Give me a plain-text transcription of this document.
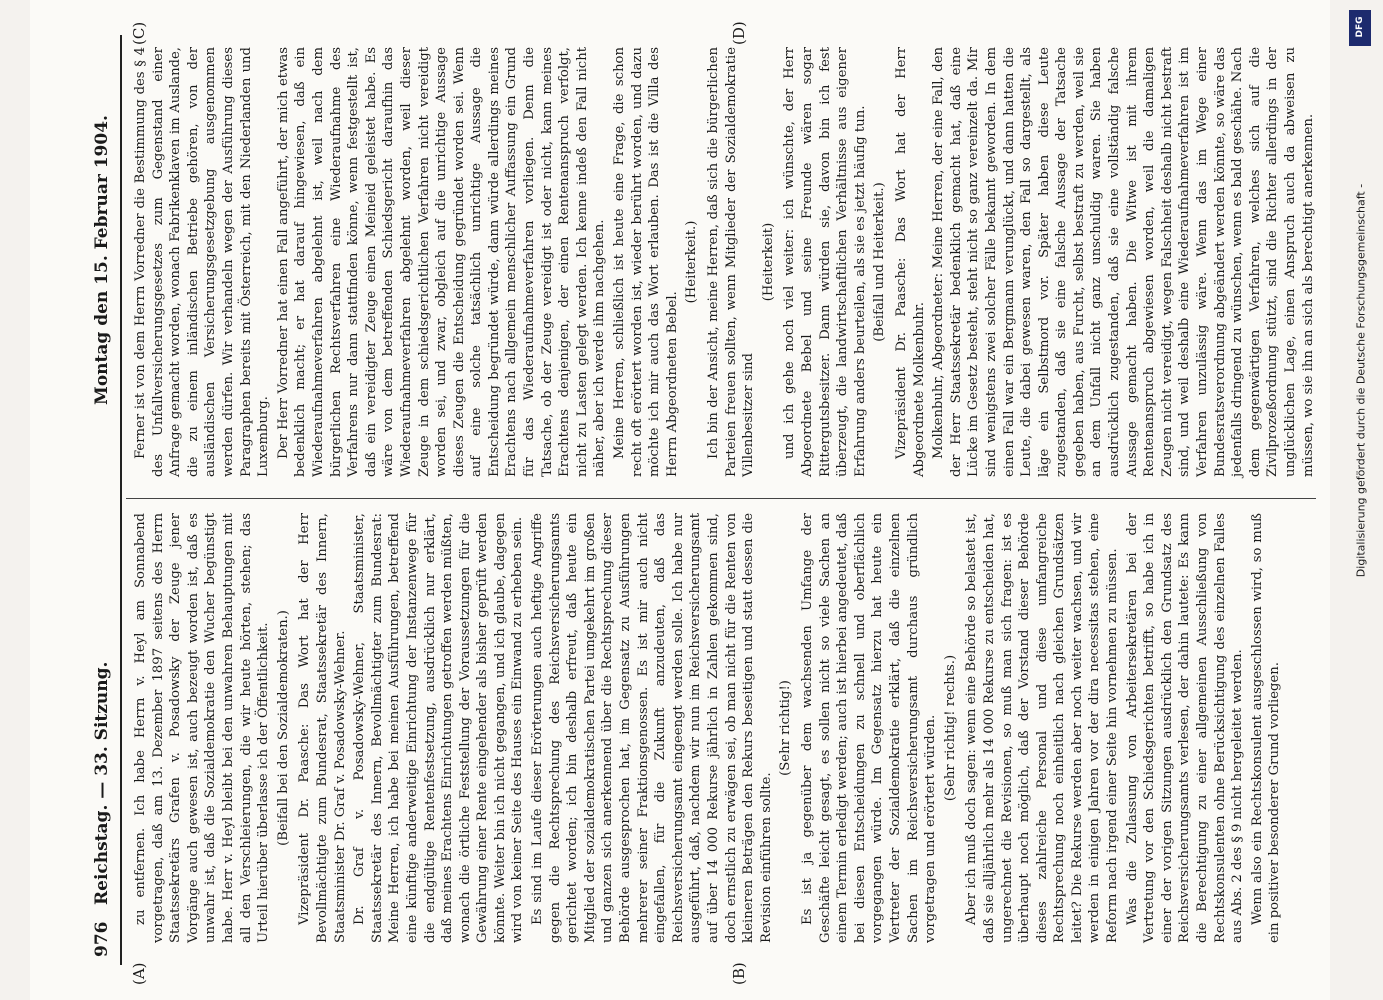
976
Reichstag. — 33. Sitzung.
Montag den 15. Februar 1904.
(A)	(B)
(C)	(D)

zu entfernen. Ich habe Herrn v. Heyl am Sonnabend vorgetragen, daß am 13. Dezember 1897 seitens des Herrn Staatssekretärs Grafen v. Posadowsky der Zeuge jener Vorgänge auch gewesen ist, auch bezeugt worden ist, daß es unwahr ist, daß die Sozialdemokratie den Wucher begünstigt habe. Herr v. Heyl bleibt bei den unwahren Behauptungen mit all den Verschleierungen, die wir heute hörten, stehen; das Urteil hierüber überlasse ich der Öffentlichkeit. (Beifall bei den Sozialdemokraten.) Vizepräsident Dr. Paasche: Das Wort hat der Herr Bevollmächtigte zum Bundesrat, Staatssekretär des Innern, Staatsminister Dr. Graf v. Posadowsky-Wehner. Dr. Graf v. Posadowsky-Wehner, Staatsminister, Staatssekretär des Innern, Bevollmächtigter zum Bundesrat: Meine Herren, ich habe bei meinen Ausführungen, betreffend eine künftige anderweitige Einrichtung der Instanzenwege für die endgültige Rentenfestsetzung, ausdrücklich nur erklärt, daß meines Erachtens Einrichtungen getroffen werden müßten, wonach die örtliche Feststellung der Voraussetzungen für die Gewährung einer Rente eingehender als bisher geprüft werden könnte. Weiter bin ich nicht gegangen, und ich glaube, dagegen wird von keiner Seite des Hauses ein Einwand zu erheben sein. Es sind im Laufe dieser Erörterungen auch heftige Angriffe gegen die Rechtsprechung des Reichsversicherungsamts gerichtet worden; ich bin deshalb erfreut, daß heute ein Mitglied der sozialdemokratischen Partei umgekehrt im großen und ganzen sich anerkennend über die Rechtsprechung dieser Behörde ausgesprochen hat, im Gegensatz zu Ausführungen mehrerer seiner Fraktionsgenossen. Es ist mir auch nicht eingefallen, für die Zukunft anzudeuten, daß das Reichsversicherungsamt eingeengt werden solle. Ich habe nur ausgeführt, daß, nachdem wir nun im Reichsversicherungsamt auf über 14 000 Rekurse jährlich in Zahlen gekommen sind, doch ernstlich zu erwägen sei, ob man nicht für die Renten von kleineren Beträgen den Rekurs beseitigen und statt dessen die Revision einführen sollte.

(Sehr richtig!) Es ist ja gegenüber dem wachsenden Umfange der Geschäfte leicht gesagt, es sollen nicht so viele Sachen an einem Termin erledigt werden; auch ist hierbei angedeutet, daß bei diesen Entscheidungen zu schnell und oberflächlich vorgegangen würde. Im Gegensatz hierzu hat heute ein Vertreter der Sozialdemokratie erklärt, daß die einzelnen Sachen im Reichsversicherungsamt durchaus gründlich vorgetragen und erörtert würden. (Sehr richtig! rechts.) Aber ich muß doch sagen: wenn eine Behörde so belastet ist, daß sie alljährlich mehr als 14 000 Rekurse zu entscheiden hat, ungerechnet die Revisionen, so muß man sich fragen: ist es überhaupt noch möglich, daß der Vorstand dieser Behörde dieses zahlreiche Personal und diese umfangreiche Rechtsprechung noch einheitlich nach gleichen Grundsätzen leitet? Die Rekurse werden aber noch weiter wachsen, und wir werden in einigen Jahren vor der dira necessitas stehen, eine Reform nach irgend einer Seite hin vornehmen zu müssen. Was die Zulassung von Arbeitersekretären bei der Vertretung vor den Schiedsgerichten betrifft, so habe ich in einer der vorigen Sitzungen ausdrücklich den Grundsatz des Reichsversicherungsamts verlesen, der dahin lautete: Es kann die Berechtigung zu einer allgemeinen Ausschließung von Rechtskonsulenten ohne Berücksichtigung des einzelnen Falles aus Abs. 2 des § 9 nicht hergeleitet werden. Wenn also ein Rechtskonsulent ausgeschlossen wird, so muß ein positiver besonderer Grund vorliegen.

Ferner ist von dem Herrn Vorredner die Bestimmung des § 4 des Unfallversicherungsgesetzes zum Gegenstand einer Anfrage gemacht worden, wonach Fabrikenklaven im Auslande, die zu einem inländischen Betriebe gehören, von der ausländischen Versicherungsgesetzgebung ausgenommen werden dürfen. Wir verhandeln wegen der Ausführung dieses Paragraphen bereits mit Österreich, mit den Niederlanden und Luxemburg. Der Herr Vorredner hat einen Fall angeführt, der mich etwas bedenklich macht; er hat darauf hingewiesen, daß ein Wiederaufnahmeverfahren abgelehnt ist, weil nach dem bürgerlichen Rechtsverfahren eine Wiederaufnahme des Verfahrens nur dann stattfinden könne, wenn festgestellt ist, daß ein vereidigter Zeuge einen Meineid geleistet habe. Es wäre von dem betreffenden Schiedsgericht daraufhin das Wiederaufnahmeverfahren abgelehnt worden, weil dieser Zeuge in dem schiedsgerichtlichen Verfahren nicht vereidigt worden sei, und zwar, obgleich auf die unrichtige Aussage dieses Zeugen die Entscheidung gegründet worden sei. Wenn auf eine solche tatsächlich unrichtige Aussage die Entscheidung begründet würde, dann würde allerdings meines Erachtens nach allgemein menschlicher Auffassung ein Grund für das Wiederaufnahmeverfahren vorliegen. Denn die Tatsache, ob der Zeuge vereidigt ist oder nicht, kann meines Erachtens denjenigen, der einen Rentenanspruch verfolgt, nicht zu Lasten gelegt werden. Ich kenne indeß den Fall nicht näher, aber ich werde ihm nachgehen. Meine Herren, schließlich ist heute eine Frage, die schon recht oft erörtert worden ist, wieder berührt worden, und dazu möchte ich mir auch das Wort erlauben. Das ist die Villa des Herrn Abgeordneten Bebel.

(Heiterkeit.) Ich bin der Ansicht, meine Herren, daß sich die bürgerlichen Parteien freuen sollten, wenn Mitglieder der Sozialdemokratie Villenbesitzer sind

(Heiterkeit) und ich gehe noch viel weiter: ich wünschte, der Herr Abgeordnete Bebel und seine Freunde wären sogar Rittergutsbesitzer. Dann würden sie, davon bin ich fest überzeugt, die landwirtschaftlichen Verhältnisse aus eigener Erfahrung anders beurteilen, als sie es jetzt häufig tun. (Beifall und Heiterkeit.) Vizepräsident Dr. Paasche: Das Wort hat der Herr Abgeordnete Molkenbuhr. Molkenbuhr, Abgeordneter: Meine Herren, der eine Fall, den der Herr Staatssekretär bedenklich gemacht hat, daß eine Lücke im Gesetz besteht, steht nicht so ganz vereinzelt da. Mir sind wenigstens zwei solcher Fälle bekannt geworden. In dem einen Fall war ein Bergmann verunglückt, und dann hatten die Leute, die dabei gewesen waren, den Fall so dargestellt, als läge ein Selbstmord vor. Später haben diese Leute zugestanden, daß sie eine falsche Aussage der Tatsache gegeben haben, aus Furcht, selbst bestraft zu werden, weil sie an dem Unfall nicht ganz unschuldig waren. Sie haben ausdrücklich zugestanden, daß sie eine vollständig falsche Aussage gemacht haben. Die Witwe ist mit ihrem Rentenanspruch abgewiesen worden, weil die damaligen Zeugen nicht vereidigt, wegen Falschheit deshalb nicht bestraft sind, und weil deshalb eine Wiederaufnahmeverfahren ist im Verfahren unzulässig wäre. Wenn das im Wege einer Bundesratsverordnung abgeändert werden könnte, so wäre das jedenfalls dringend zu wünschen, wenn es bald geschähe. Nach dem gegenwärtigen Verfahren, welches sich auf die Zivilprozeßordnung stützt, sind die Richter allerdings in der unglücklichen Lage, einen Anspruch auch da abweisen zu müssen, wo sie ihn an sich als berechtigt anerkennen.

DFG
Digitalisierung gefördert durch die Deutsche Forschungsgemeinschaft -
